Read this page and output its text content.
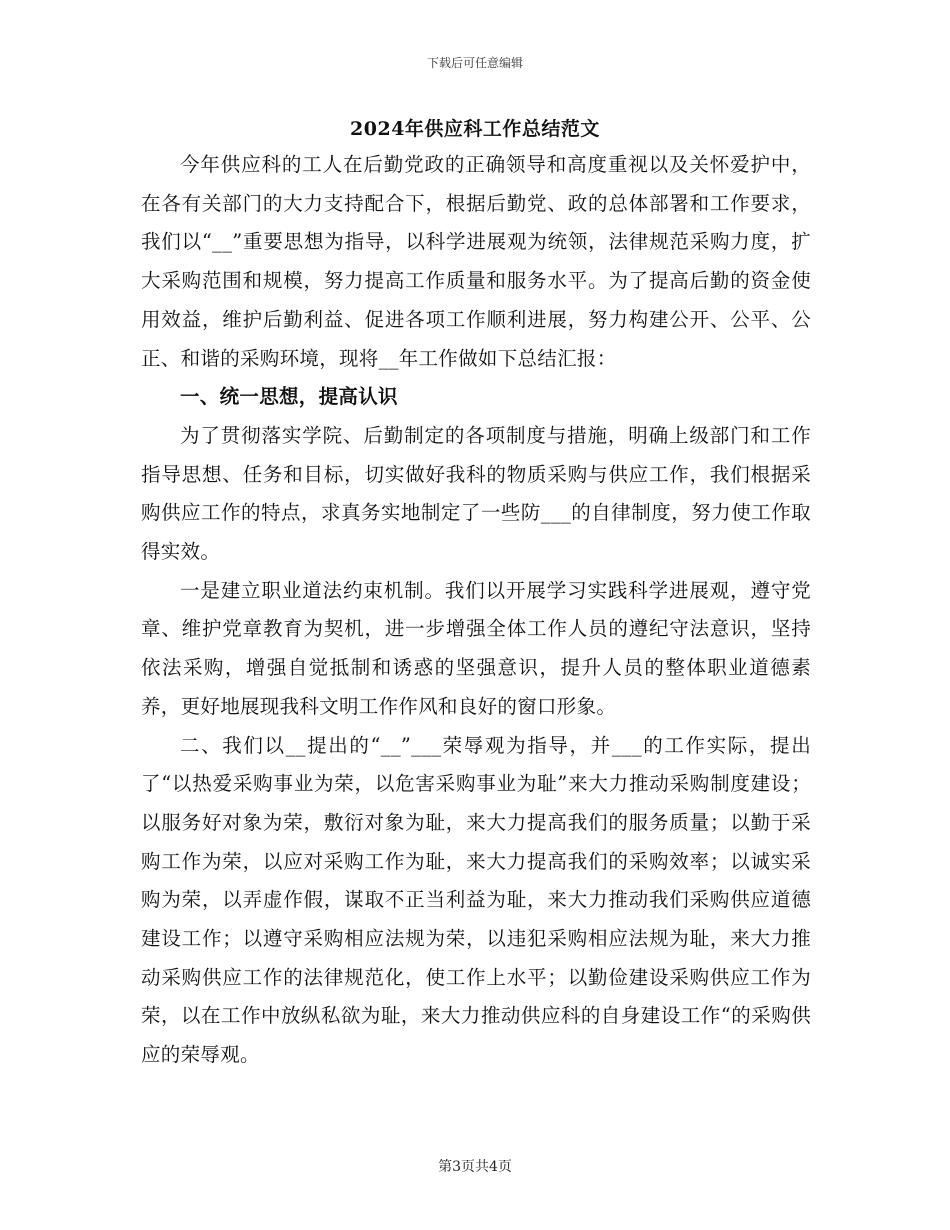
下载后可任意编辑
2024年供应科工作总结范文

今年供应科的工人在后勤党政的正确领导和高度重视以及关怀爱护中，在各有关部门的大力支持配合下，根据后勤党、政的总体部署和工作要求，我们以“__”重要思想为指导，以科学进展观为统领，法律规范采购力度，扩大采购范围和规模，努力提高工作质量和服务水平。为了提高后勤的资金使用效益，维护后勤利益、促进各项工作顺利进展，努力构建公开、公平、公正、和谐的采购环境，现将__年工作做如下总结汇报：

一、统一思想，提高认识

为了贯彻落实学院、后勤制定的各项制度与措施，明确上级部门和工作指导思想、任务和目标，切实做好我科的物质采购与供应工作，我们根据采购供应工作的特点，求真务实地制定了一些防___的自律制度，努力使工作取得实效。

一是建立职业道法约束机制。我们以开展学习实践科学进展观，遵守党章、维护党章教育为契机，进一步增强全体工作人员的遵纪守法意识，坚持依法采购，增强自觉抵制和诱惑的坚强意识，提升人员的整体职业道德素养，更好地展现我科文明工作作风和良好的窗口形象。

二、我们以__提出的“__”___荣辱观为指导，并___的工作实际，提出了“以热爱采购事业为荣，以危害采购事业为耻”来大力推动采购制度建设；以服务好对象为荣，敷衍对象为耻，来大力提高我们的服务质量；以勤于采购工作为荣，以应对采购工作为耻，来大力提高我们的采购效率；以诚实采购为荣，以弄虚作假，谋取不正当利益为耻，来大力推动我们采购供应道德建设工作；以遵守采购相应法规为荣，以违犯采购相应法规为耻，来大力推动采购供应工作的法律规范化，使工作上水平；以勤俭建设采购供应工作为荣，以在工作中放纵私欲为耻，来大力推动供应科的自身建设工作“的采购供应的荣辱观。

第3页共4页
